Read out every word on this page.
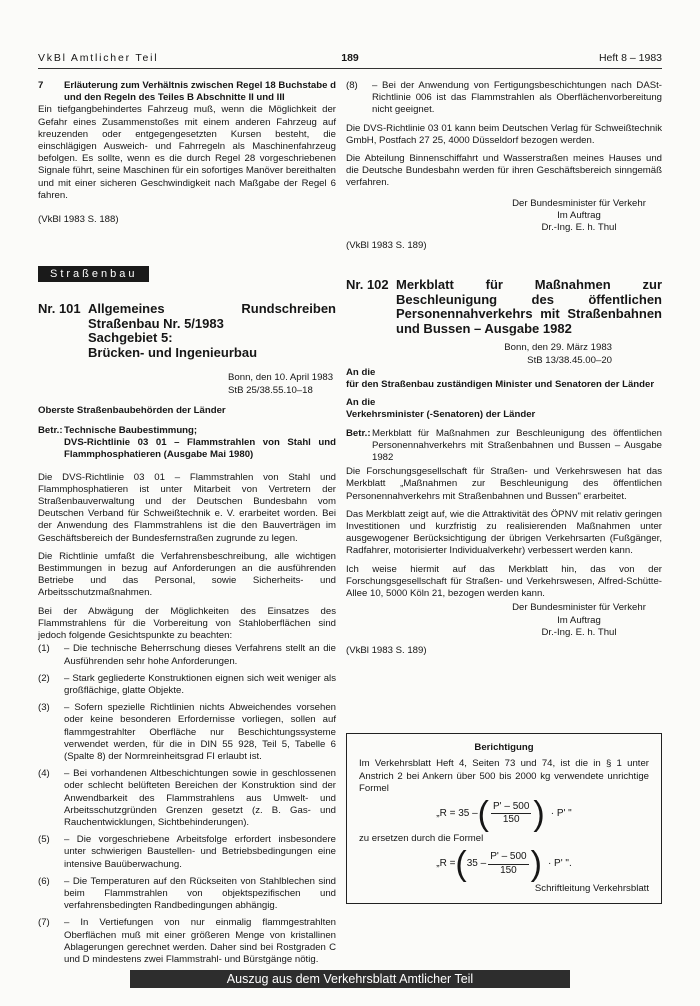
VkBl Amtlicher Teil	189	Heft 8 – 1983
7	Erläuterung zum Verhältnis zwischen Regel 18 Buchstabe d und den Regeln des Teiles B Abschnitte II und III

Ein tiefgangbehindertes Fahrzeug muß, wenn die Möglichkeit der Gefahr eines Zusammenstoßes mit einem anderen Fahrzeug auf kreuzenden oder entgegengesetzten Kursen besteht, die einschlägigen Ausweich- und Fahrregeln als Maschinenfahrzeug befolgen. Es sollte, wenn es die durch Regel 28 vorgeschriebenen Signale führt, seine Maschinen für ein sofortiges Manöver bereithalten und mit einer sicheren Geschwindigkeit nach Maßgabe der Regel 6 fahren.

(VkBl 1983 S. 188)

Straßenbau
Nr. 101 Allgemeines Rundschreiben Straßenbau Nr. 5/1983
Sachgebiet 5:
Brücken- und Ingenieurbau
Bonn, den 10. April 1983
StB 25/38.55.10–18

Oberste Straßenbaubehörden der Länder

Betr.: Technische Baubestimmung;
DVS-Richtlinie 03 01 – Flammstrahlen von Stahl und Flammphosphatieren (Ausgabe Mai 1980)

Die DVS-Richtlinie 03 01 – Flammstrahlen von Stahl und Flammphosphatieren ist unter Mitarbeit von Vertretern der Straßenbauverwaltung und der Deutschen Bundesbahn vom Deutschen Verband für Schweißtechnik e. V. erarbeitet worden. Bei der Anwendung des Flammstrahlens ist die den Bauverträgen im Geschäftsbereich der Bundesfernstraßen zugrunde zu legen.

Die Richtlinie umfaßt die Verfahrensbeschreibung, alle wichtigen Bestimmungen in bezug auf Anforderungen an die ausführenden Betriebe und das Personal, sowie Sicherheits- und Arbeitsschutzmaßnahmen.

Bei der Abwägung der Möglichkeiten des Einsatzes des Flammstrahlens für die Vorbereitung von Stahloberflächen sind jedoch folgende Gesichtspunkte zu beachten:

(1)	– Die technische Beherrschung dieses Verfahrens stellt an die Ausführenden sehr hohe Anforderungen.
(2)	– Stark gegliederte Konstruktionen eignen sich weit weniger als großflächige, glatte Objekte.
(3)	– Sofern spezielle Richtlinien nichts Abweichendes vorsehen oder keine besonderen Erfordernisse vorliegen, sollen auf flammgestrahlter Oberfläche nur Beschichtungssysteme verwendet werden, für die in DIN 55 928, Teil 5, Tabelle 6 (Spalte 8) der Normreinheitsgrad FI erlaubt ist.
(4)	– Bei vorhandenen Altbeschichtungen sowie in geschlossenen oder schlecht belüfteten Bereichen der Konstruktion sind der Anwendbarkeit des Flammstrahlens aus Umwelt- und Arbeitsschutzgründen Grenzen gesetzt (z. B. Gas- und Rauchentwicklungen, Sichtbehinderungen).
(5)	– Die vorgeschriebene Arbeitsfolge erfordert insbesondere unter schwierigen Baustellen- und Betriebsbedingungen eine intensive Bauüberwachung.
(6)	– Die Temperaturen auf den Rückseiten von Stahlblechen sind beim Flammstrahlen von objektspezifischen und verfahrensbedingten Randbedingungen abhängig.
(7)	– In Vertiefungen von nur einmalig flammgestrahlten Oberflächen muß mit einer größeren Menge von kristallinen Ablagerungen gerechnet werden. Daher sind bei Rostgraden C und D mindestens zwei Flammstrahl- und Bürstgänge nötig.
(8)	– Bei der Anwendung von Fertigungsbeschichtungen nach DASt-Richtlinie 006 ist das Flammstrahlen als Oberflächenvorbereitung nicht geeignet.

Die DVS-Richtlinie 03 01 kann beim Deutschen Verlag für Schweißtechnik GmbH, Postfach 27 25, 4000 Düsseldorf bezogen werden.

Die Abteilung Binnenschiffahrt und Wasserstraßen meines Hauses und die Deutsche Bundesbahn werden für ihren Geschäftsbereich sinngemäß verfahren.

Der Bundesminister für Verkehr
Im Auftrag
Dr.-Ing. E. h. Thul

(VkBl 1983 S. 189)

Nr. 102 Merkblatt für Maßnahmen zur Beschleunigung des öffentlichen Personennahverkehrs mit Straßenbahnen und Bussen – Ausgabe 1982
Bonn, den 29. März 1983
StB 13/38.45.00–20
An die
für den Straßenbau zuständigen Minister und Senatoren der Länder
An die
Verkehrsminister (-Senatoren) der Länder
Betr.: Merkblatt für Maßnahmen zur Beschleunigung des öffentlichen Personennahverkehrs mit Straßenbahnen und Bussen – Ausgabe 1982

Die Forschungsgesellschaft für Straßen- und Verkehrswesen hat das Merkblatt „Maßnahmen zur Beschleunigung des öffentlichen Personennahverkehrs mit Straßenbahnen und Bussen" erarbeitet.

Das Merkblatt zeigt auf, wie die Attraktivität des ÖPNV mit relativ geringen Investitionen und kurzfristig zu realisierenden Maßnahmen unter ausgewogener Berücksichtigung der übrigen Verkehrsarten (Fußgänger, Radfahrer, motorisierter Individualverkehr) verbessert werden kann.

Ich weise hiermit auf das Merkblatt hin, das von der Forschungsgesellschaft für Straßen- und Verkehrswesen, Alfred-Schütte-Allee 10, 5000 Köln 21, bezogen werden kann.

Der Bundesminister für Verkehr
Im Auftrag
Dr.-Ing. E. h. Thul

(VkBl 1983 S. 189)

Berichtigung

Im Verkehrsblatt Heft 4, Seiten 73 und 74, ist die in § 1 unter Anstrich 2 bei Ankern über 500 bis 2000 kg verwendete unrichtige Formel

„R = 35 – ( $\frac{P' - 500}{150}$ ) · P' "

zu ersetzen durch die Formel

„R = ( $35 - \frac{P' - 500}{150}$ ) · P' ".
Schriftleitung Verkehrsblatt
Auszug aus dem Verkehrsblatt Amtlicher Teil
